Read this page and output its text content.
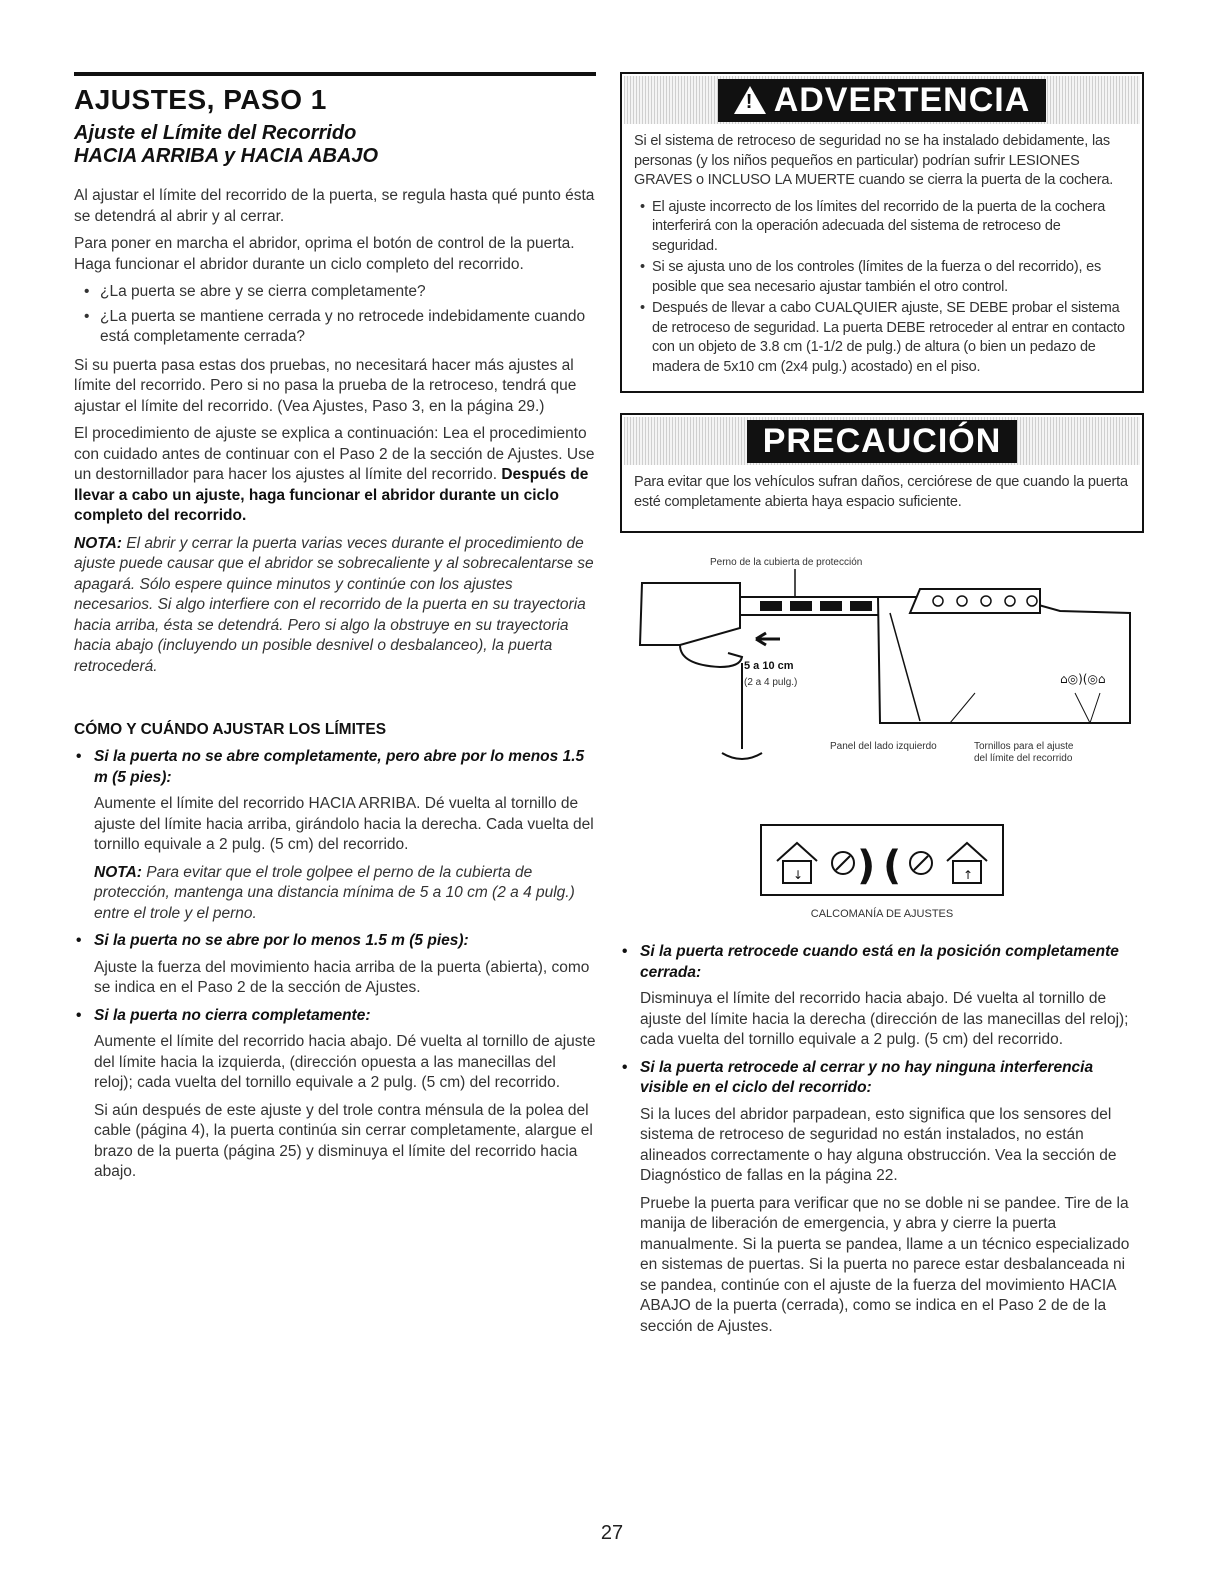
AJUSTES, PASO 1
Ajuste el Límite del Recorrido
HACIA ARRIBA y HACIA ABAJO

Al ajustar el límite del recorrido de la puerta, se regula hasta qué punto ésta se detendrá al abrir y al cerrar.

Para poner en marcha el abridor, oprima el botón de control de la puerta. Haga funcionar el abridor durante un ciclo completo del recorrido.

• ¿La puerta se abre y se cierra completamente?
• ¿La puerta se mantiene cerrada y no retrocede indebidamente cuando está completamente cerrada?

Si su puerta pasa estas dos pruebas, no necesitará hacer más ajustes al límite del recorrido. Pero si no pasa la prueba de la retroceso, tendrá que ajustar el límite del recorrido. (Vea Ajustes, Paso 3, en la página 29.)

El procedimiento de ajuste se explica a continuación: Lea el procedimiento con cuidado antes de continuar con el Paso 2 de la sección de Ajustes. Use un destornillador para hacer los ajustes al límite del recorrido. Después de llevar a cabo un ajuste, haga funcionar el abridor durante un ciclo completo del recorrido.

NOTA: El abrir y cerrar la puerta varias veces durante el procedimiento de ajuste puede causar que el abridor se sobrecaliente y al sobrecalentarse se apagará. Sólo espere quince minutos y continúe con los ajustes necesarios. Si algo interfiere con el recorrido de la puerta en su trayectoria hacia arriba, ésta se detendrá. Pero si algo la obstruye en su trayectoria hacia abajo (incluyendo un posible desnivel o desbalanceo), la puerta retrocederá.

CÓMO Y CUÁNDO AJUSTAR LOS LÍMITES
• Si la puerta no se abre completamente, pero abre por lo menos 1.5 m (5 pies):

Aumente el límite del recorrido HACIA ARRIBA. Dé vuelta al tornillo de ajuste del límite hacia arriba, girándolo hacia la derecha. Cada vuelta del tornillo equivale a 2 pulg. (5 cm) del recorrido.

NOTA: Para evitar que el trole golpee el perno de la cubierta de protección, mantenga una distancia mínima de 5 a 10 cm (2 a 4 pulg.) entre el trole y el perno.

• Si la puerta no se abre por lo menos 1.5 m (5 pies):

Ajuste la fuerza del movimiento hacia arriba de la puerta (abierta), como se indica en el Paso 2 de la sección de Ajustes.

• Si la puerta no cierra completamente:

Aumente el límite del recorrido hacia abajo. Dé vuelta al tornillo de ajuste del límite hacia la izquierda, (dirección opuesta a las manecillas del reloj); cada vuelta del tornillo equivale a 2 pulg. (5 cm) del recorrido.

Si aún después de este ajuste y del trole contra ménsula de la polea del cable (página 4), la puerta continúa sin cerrar completamente, alargue el brazo de la puerta (página 25) y disminuya el límite del recorrido hacia abajo.

! ADVERTENCIA

Si el sistema de retroceso de seguridad no se ha instalado debidamente, las personas (y los niños pequeños en particular) podrían sufrir LESIONES GRAVES o INCLUSO LA MUERTE cuando se cierra la puerta de la cochera.

• El ajuste incorrecto de los límites del recorrido de la puerta de la cochera interferirá con la operación adecuada del sistema de retroceso de seguridad.
• Si se ajusta uno de los controles (límites de la fuerza o del recorrido), es posible que sea necesario ajustar también el otro control.
• Después de llevar a cabo CUALQUIER ajuste, SE DEBE probar el sistema de retroceso de seguridad. La puerta DEBE retroceder al entrar en contacto con un objeto de 3.8 cm (1-1/2 de pulg.) de altura (o bien un pedazo de madera de 5x10 cm (2x4 pulg.) acostado) en el piso.
PRECAUCIÓN

Para evitar que los vehículos sufran daños, cerciórese de que cuando la puerta esté completamente abierta haya espacio suficiente.

Perno de la cubierta de protección
5 a 10 cm
(2 a 4 pulg.)	⌂◎)(◎⌂
Panel del lado izquierdo	Tornillos para el ajuste
del límite del recorrido
↓ ) (	↑
CALCOMANÍA DE AJUSTES
• Si la puerta retrocede cuando está en la posición completamente cerrada:

Disminuya el límite del recorrido hacia abajo. Dé vuelta al tornillo de ajuste del límite hacia la derecha (dirección de las manecillas del reloj); cada vuelta del tornillo equivale a 2 pulg. (5 cm) del recorrido.

• Si la puerta retrocede al cerrar y no hay ninguna interferencia visible en el ciclo del recorrido:

Si la luces del abridor parpadean, esto significa que los sensores del sistema de retroceso de seguridad no están instalados, no están alineados correctamente o hay alguna obstrucción. Vea la sección de Diagnóstico de fallas en la página 22.

Pruebe la puerta para verificar que no se doble ni se pandee. Tire de la manija de liberación de emergencia, y abra y cierre la puerta manualmente. Si la puerta se pandea, llame a un técnico especializado en sistemas de puertas. Si la puerta no parece estar desbalanceada ni se pandea, continúe con el ajuste de la fuerza del movimiento HACIA ABAJO de la puerta (cerrada), como se indica en el Paso 2 de de la sección de Ajustes.

27
